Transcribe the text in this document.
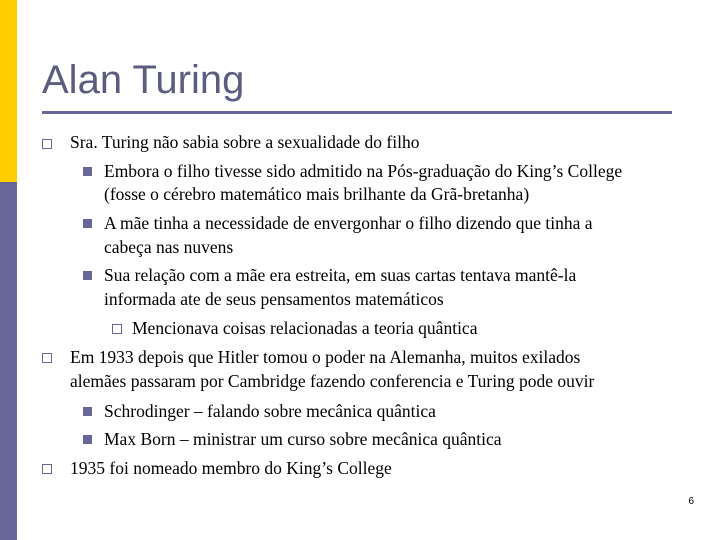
Alan Turing
Sra. Turing não sabia sobre a sexualidade do filho
Embora o filho tivesse sido admitido na Pós-graduação do King’s College
(fosse o cérebro matemático mais brilhante da Grã-bretanha)
A mãe tinha a necessidade de envergonhar o filho dizendo que tinha a
cabeça nas nuvens
Sua relação com a mãe era estreita, em suas cartas tentava mantê-la
informada ate de seus pensamentos matemáticos
Mencionava coisas relacionadas a teoria quântica
Em 1933 depois que Hitler tomou o poder na Alemanha, muitos exilados
alemães passaram por Cambridge fazendo conferencia e Turing pode ouvir
Schrodinger – falando sobre mecânica quântica
Max Born – ministrar um curso sobre mecânica quântica
1935 foi nomeado membro do King’s College
6
